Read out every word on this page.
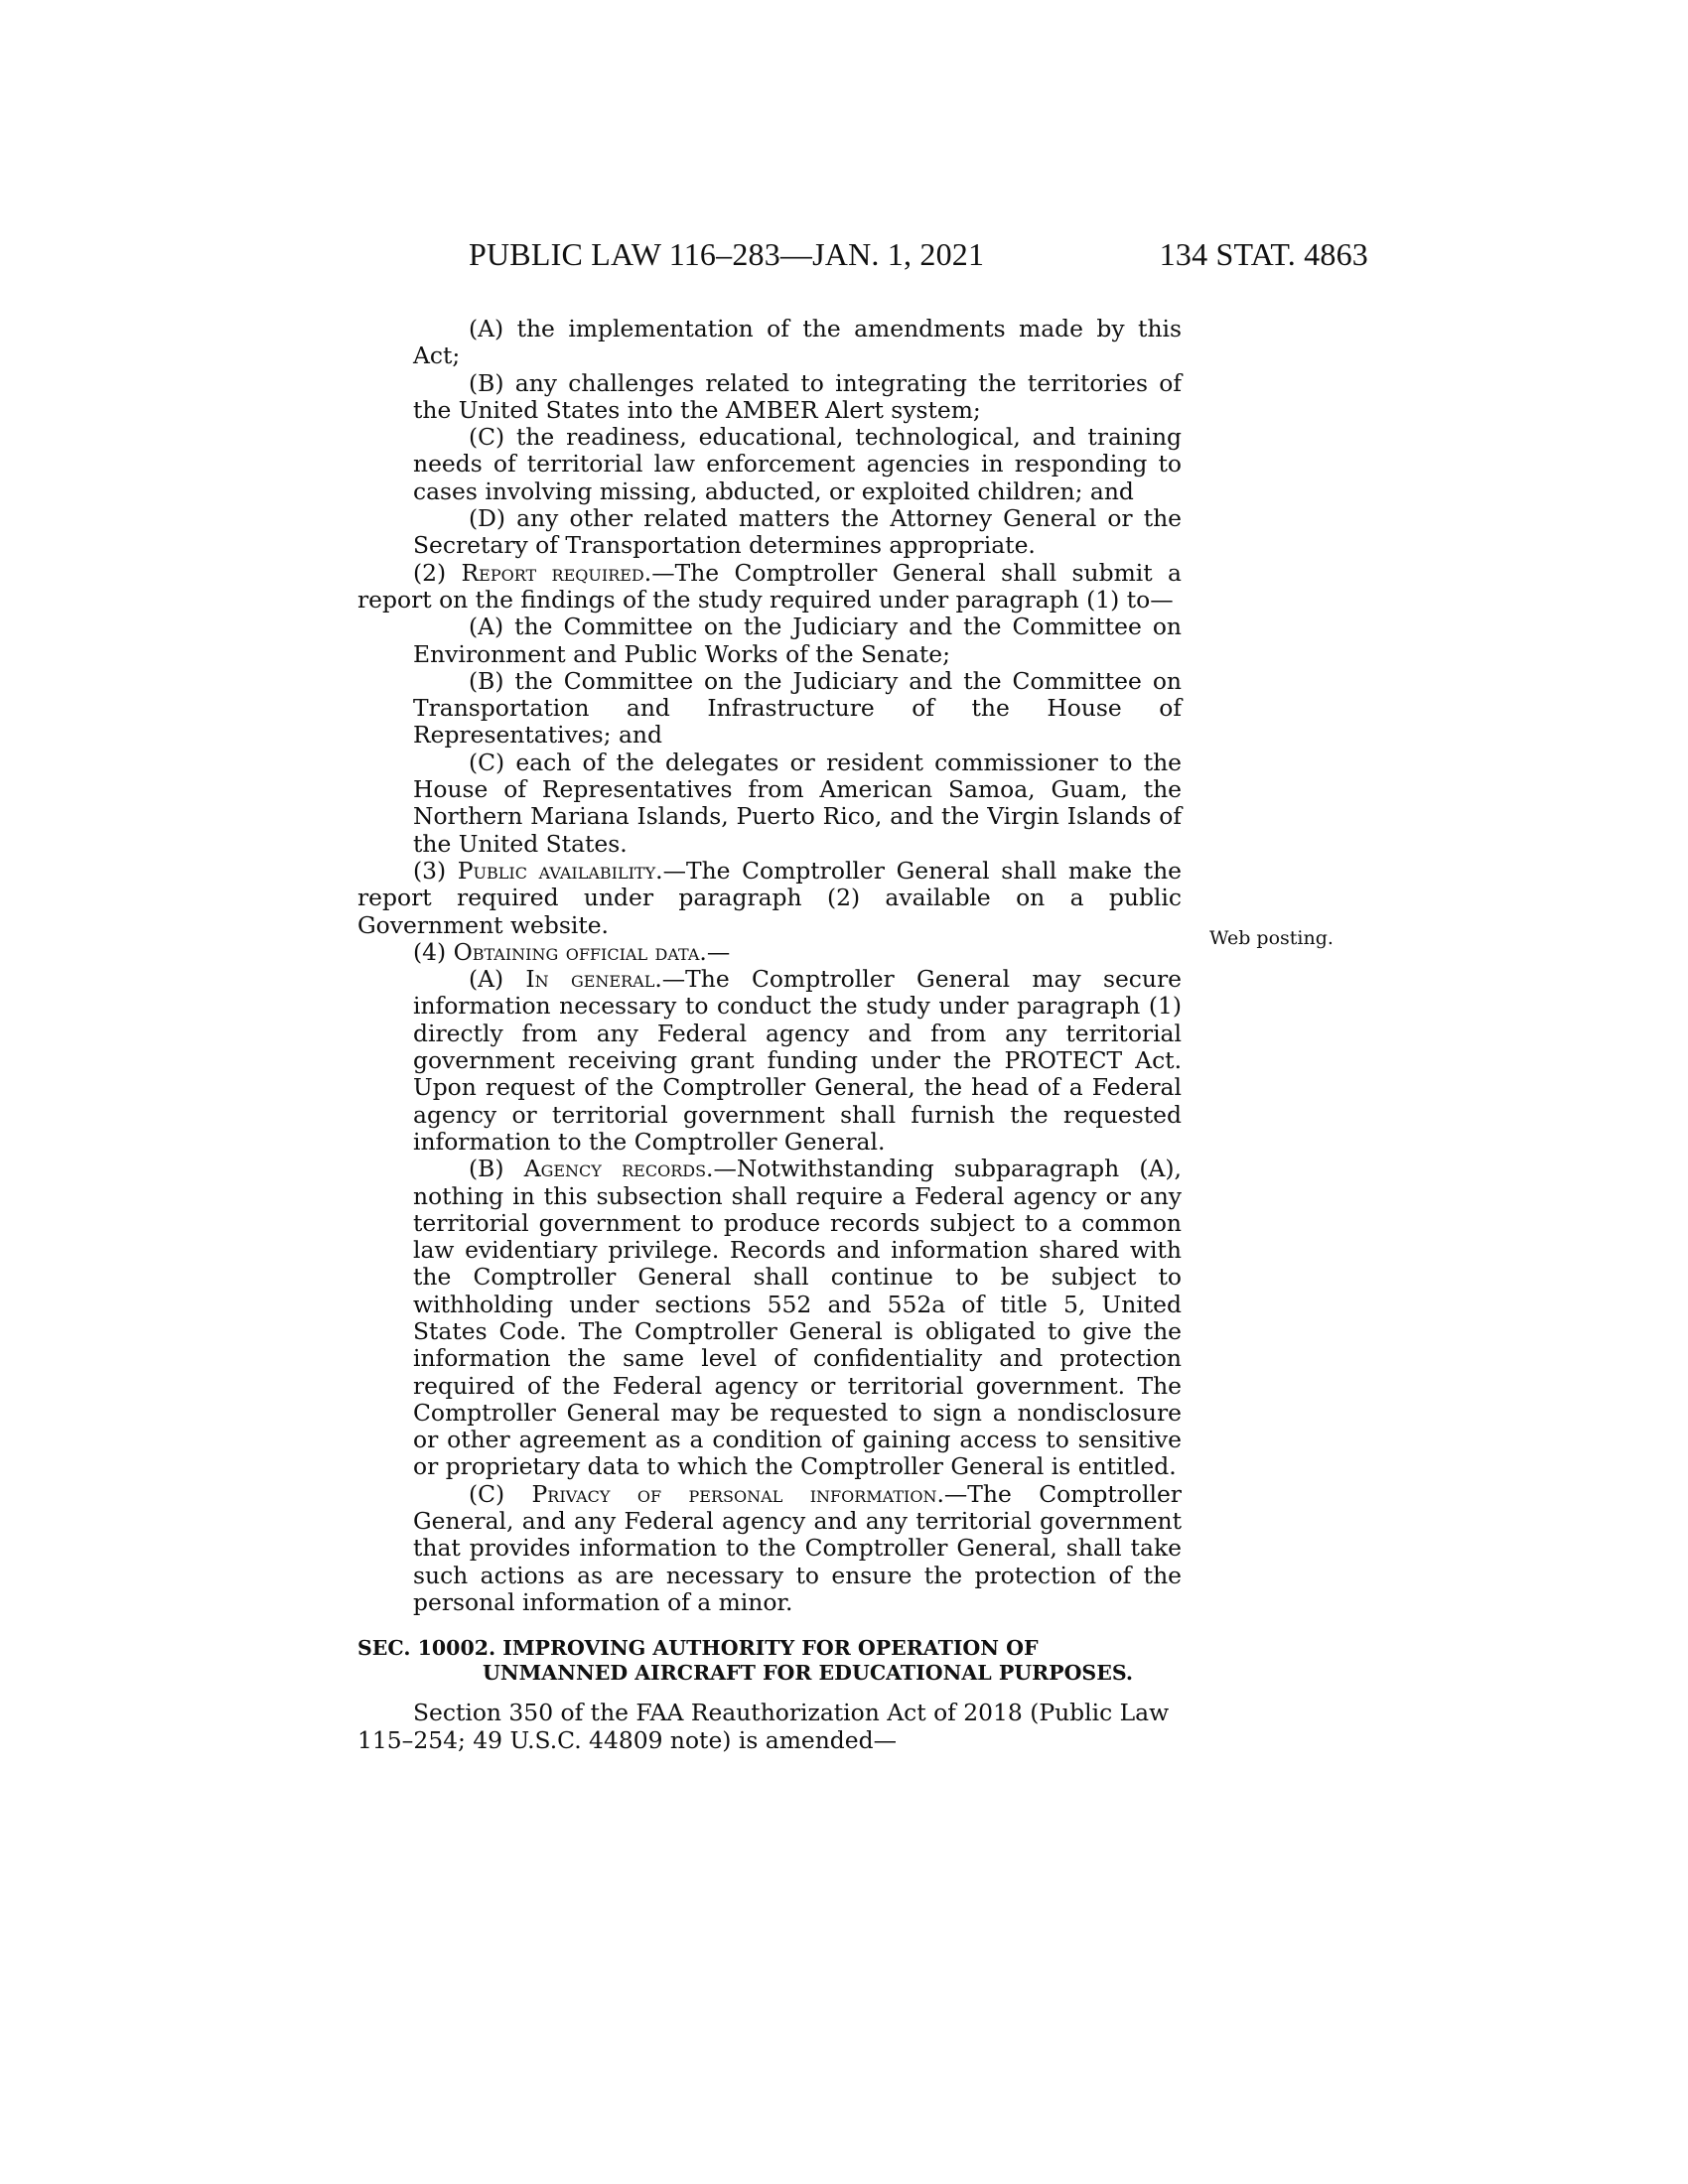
PUBLIC LAW 116–283—JAN. 1, 2021	134 STAT. 4863

(A) the implementation of the amendments made by this Act;

(B) any challenges related to integrating the territories of the United States into the AMBER Alert system;

(C) the readiness, educational, technological, and training needs of territorial law enforcement agencies in responding to cases involving missing, abducted, or exploited children; and

(D) any other related matters the Attorney General or the Secretary of Transportation determines appropriate.

(2) Report required.—The Comptroller General shall submit a report on the findings of the study required under paragraph (1) to—

(A) the Committee on the Judiciary and the Committee on Environment and Public Works of the Senate;

(B) the Committee on the Judiciary and the Committee on Transportation and Infrastructure of the House of Representatives; and

(C) each of the delegates or resident commissioner to the House of Representatives from American Samoa, Guam, the Northern Mariana Islands, Puerto Rico, and the Virgin Islands of the United States.

(3) Public availability.—The Comptroller General shall make the report required under paragraph (2) available on a public Government website.

(4) Obtaining official data.—

(A) In general.—The Comptroller General may secure information necessary to conduct the study under paragraph (1) directly from any Federal agency and from any territorial government receiving grant funding under the PROTECT Act. Upon request of the Comptroller General, the head of a Federal agency or territorial government shall furnish the requested information to the Comptroller General.

(B) Agency records.—Notwithstanding subparagraph (A), nothing in this subsection shall require a Federal agency or any territorial government to produce records subject to a common law evidentiary privilege. Records and information shared with the Comptroller General shall continue to be subject to withholding under sections 552 and 552a of title 5, United States Code. The Comptroller General is obligated to give the information the same level of confidentiality and protection required of the Federal agency or territorial government. The Comptroller General may be requested to sign a nondisclosure or other agreement as a condition of gaining access to sensitive or proprietary data to which the Comptroller General is entitled.

(C) Privacy of personal information.—The Comptroller General, and any Federal agency and any territorial government that provides information to the Comptroller General, shall take such actions as are necessary to ensure the protection of the personal information of a minor.

SEC. 10002. IMPROVING AUTHORITY FOR OPERATION OF UNMANNED AIRCRAFT FOR EDUCATIONAL PURPOSES.

Section 350 of the FAA Reauthorization Act of 2018 (Public Law 115–254; 49 U.S.C. 44809 note) is amended—

Web posting.
